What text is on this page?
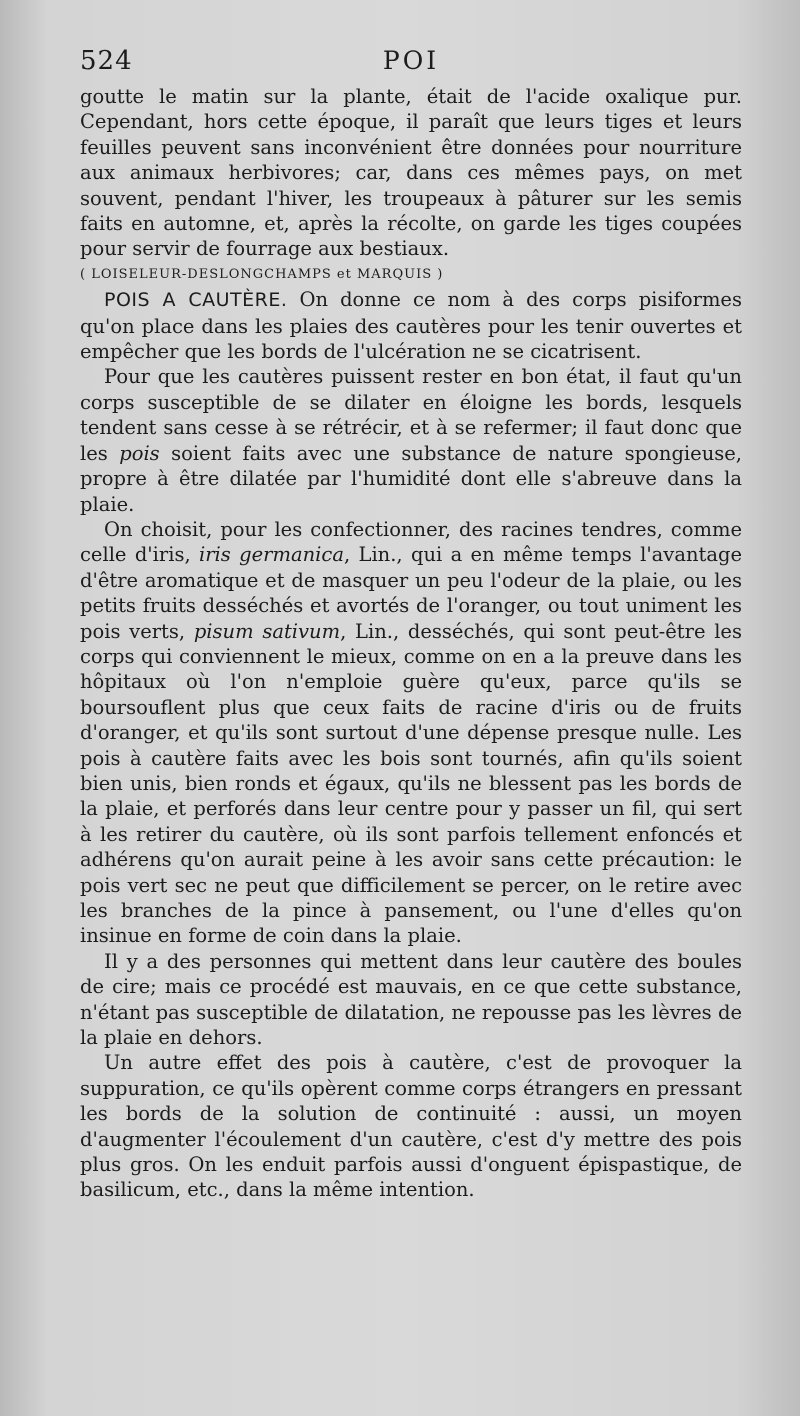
524	POI

goutte le matin sur la plante, était de l'acide oxalique pur. Cependant, hors cette époque, il paraît que leurs tiges et leurs feuilles peuvent sans inconvénient être données pour nourriture aux animaux herbivores; car, dans ces mêmes pays, on met souvent, pendant l'hiver, les troupeaux à pâturer sur les semis faits en automne, et, après la récolte, on garde les tiges coupées pour servir de fourrage aux bestiaux.

( LOISELEUR-DESLONGCHAMPS et MARQUIS )

POIS A CAUTÈRE. On donne ce nom à des corps pisiformes qu'on place dans les plaies des cautères pour les tenir ouvertes et empêcher que les bords de l'ulcération ne se cicatrisent.

Pour que les cautères puissent rester en bon état, il faut qu'un corps susceptible de se dilater en éloigne les bords, lesquels tendent sans cesse à se rétrécir, et à se refermer; il faut donc que les pois soient faits avec une substance de nature spongieuse, propre à être dilatée par l'humidité dont elle s'abreuve dans la plaie.

On choisit, pour les confectionner, des racines tendres, comme celle d'iris, iris germanica, Lin., qui a en même temps l'avantage d'être aromatique et de masquer un peu l'odeur de la plaie, ou les petits fruits desséchés et avortés de l'oranger, ou tout uniment les pois verts, pisum sativum, Lin., desséchés, qui sont peut-être les corps qui conviennent le mieux, comme on en a la preuve dans les hôpitaux où l'on n'emploie guère qu'eux, parce qu'ils se boursouflent plus que ceux faits de racine d'iris ou de fruits d'oranger, et qu'ils sont surtout d'une dépense presque nulle. Les pois à cautère faits avec les bois sont tournés, afin qu'ils soient bien unis, bien ronds et égaux, qu'ils ne blessent pas les bords de la plaie, et perforés dans leur centre pour y passer un fil, qui sert à les retirer du cautère, où ils sont parfois tellement enfoncés et adhérens qu'on aurait peine à les avoir sans cette précaution: le pois vert sec ne peut que difficilement se percer, on le retire avec les branches de la pince à pansement, ou l'une d'elles qu'on insinue en forme de coin dans la plaie.

Il y a des personnes qui mettent dans leur cautère des boules de cire; mais ce procédé est mauvais, en ce que cette substance, n'étant pas susceptible de dilatation, ne repousse pas les lèvres de la plaie en dehors.

Un autre effet des pois à cautère, c'est de provoquer la suppuration, ce qu'ils opèrent comme corps étrangers en pressant les bords de la solution de continuité : aussi, un moyen d'augmenter l'écoulement d'un cautère, c'est d'y mettre des pois plus gros. On les enduit parfois aussi d'onguent épispastique, de basilicum, etc., dans la même intention.
